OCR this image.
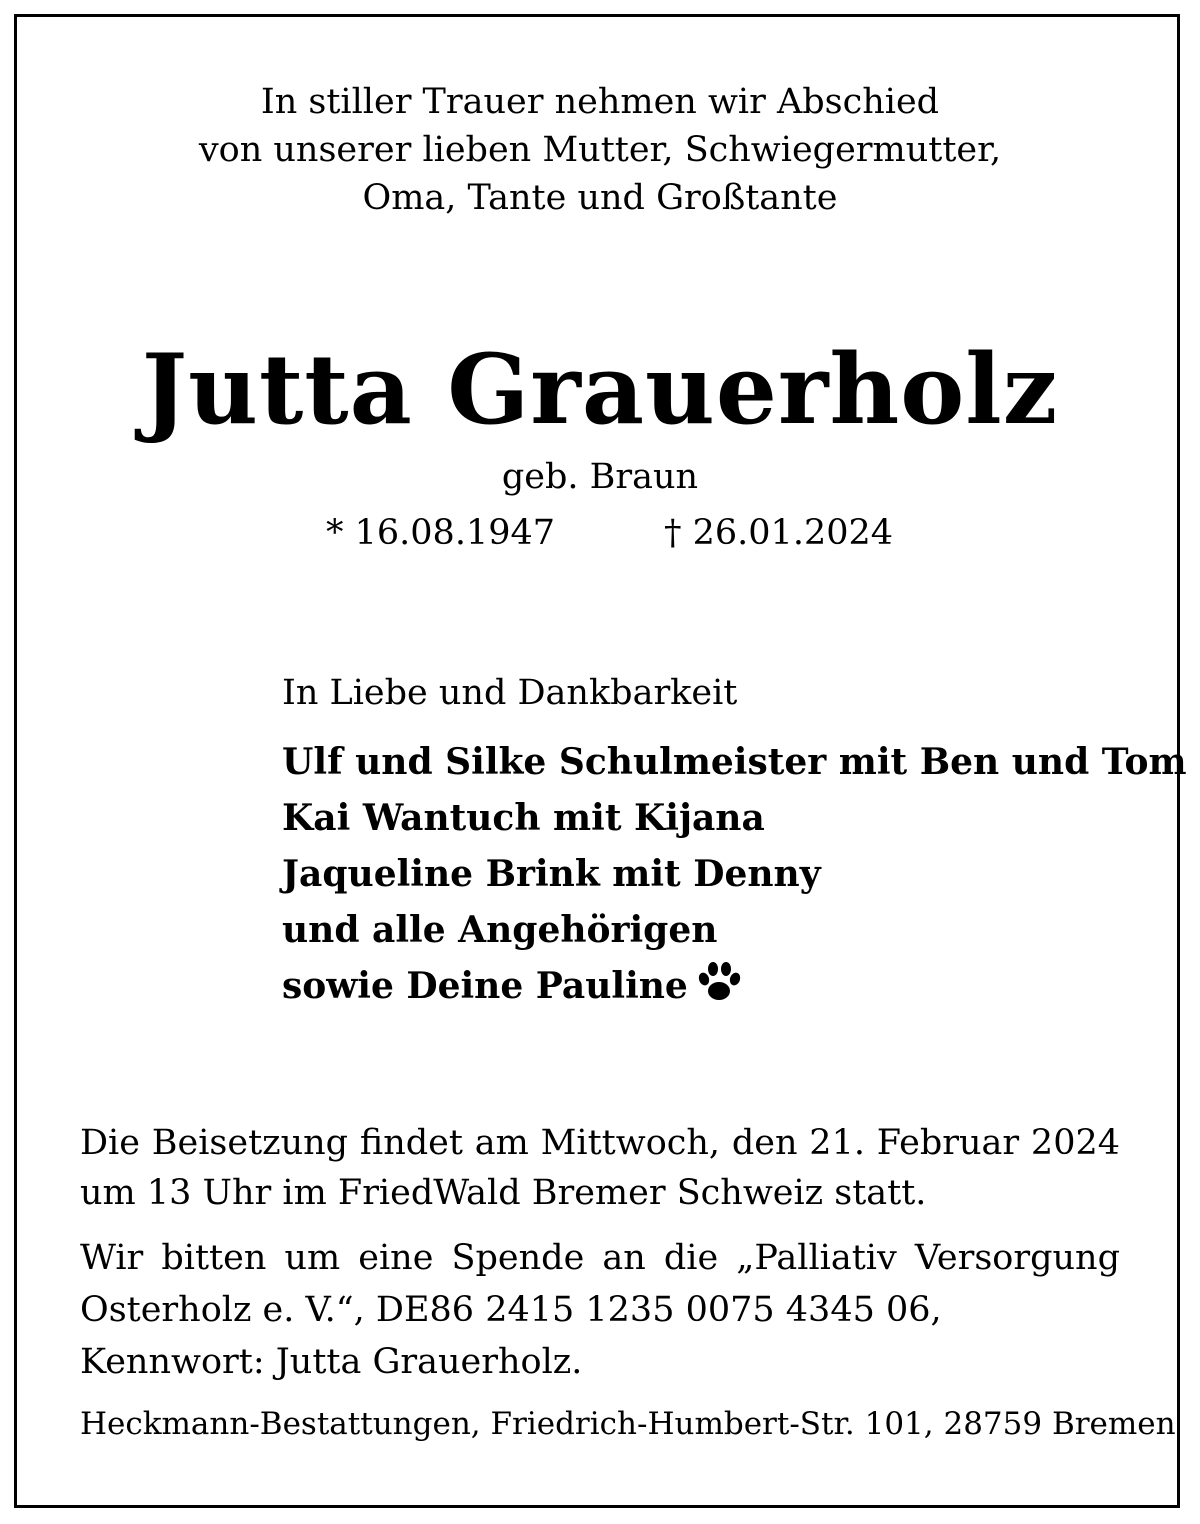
In stiller Trauer nehmen wir Abschied
von unserer lieben Mutter, Schwiegermutter,
Oma, Tante und Großtante
Jutta Grauerholz
geb. Braun
* 16.08.1947	† 26.01.2024
In Liebe und Dankbarkeit
Ulf und Silke Schulmeister mit Ben und Tom
Kai Wantuch mit Kijana
Jaqueline Brink mit Denny
und alle Angehörigen
sowie Deine Pauline
Die Beisetzung findet am Mittwoch, den 21. Februar 2024 um 13 Uhr im FriedWald Bremer Schweiz statt.
Wir bitten um eine Spende an die „Palliativ Versorgung Osterholz e. V.“, DE86 2415 1235 0075 4345 06,
Kennwort: Jutta Grauerholz.
Heckmann-Bestattungen, Friedrich-Humbert-Str. 101, 28759 Bremen
